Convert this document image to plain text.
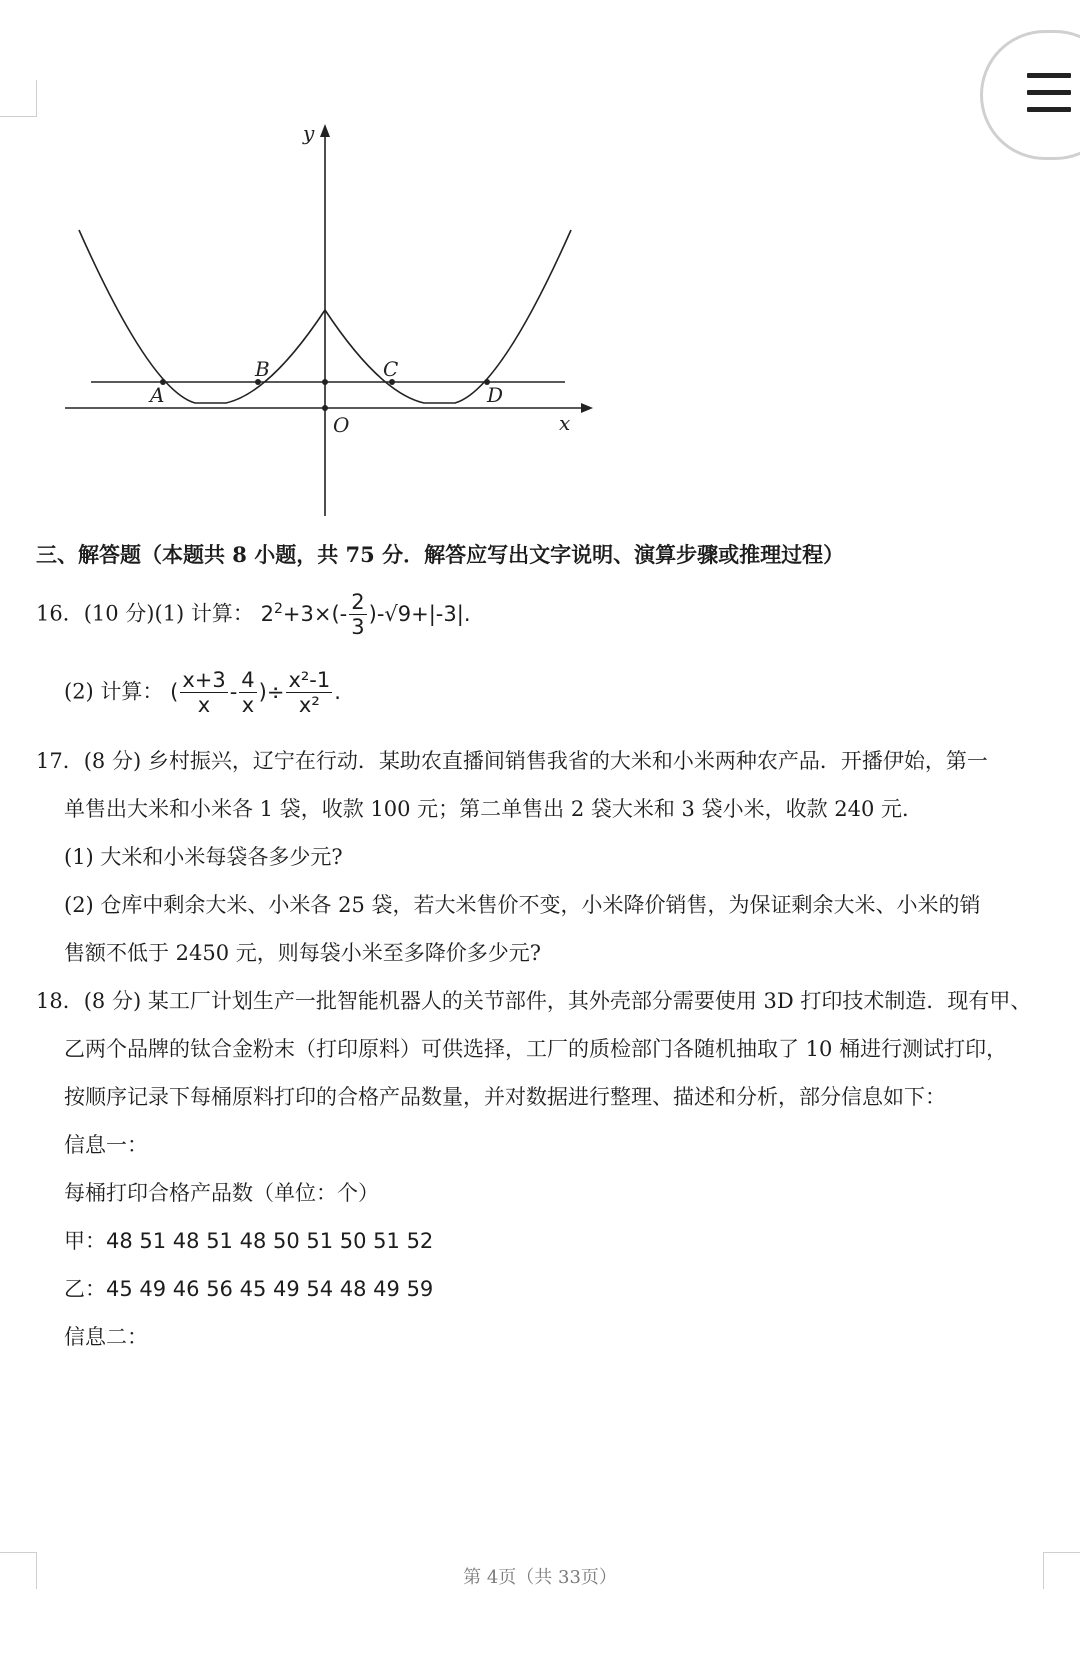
y
x
O
A
B	C
D
三、解答题（本题共 8 小题，共 75 分．解答应写出文字说明、演算步骤或推理过程）
16．(10 分)(1) 计算： $2^2+3\times(- \frac{2}{3} )-√9+|-3|$.
(2) 计算： ( $\frac{x+3}{x} - \frac{4}{x}$ )÷ $\frac{\text{x²-1}}{\text{x²}}$ .
17．(8 分) 乡村振兴，辽宁在行动．某助农直播间销售我省的大米和小米两种农产品．开播伊始，第一
单售出大米和小米各 1 袋，收款 100 元；第二单售出 2 袋大米和 3 袋小米，收款 240 元．
(1) 大米和小米每袋各多少元?
(2) 仓库中剩余大米、小米各 25 袋，若大米售价不变，小米降价销售，为保证剩余大米、小米的销
售额不低于 2450 元，则每袋小米至多降价多少元?
18．(8 分) 某工厂计划生产一批智能机器人的关节部件，其外壳部分需要使用 3D 打印技术制造．现有甲、
乙两个品牌的钛合金粉末（打印原料）可供选择，工厂的质检部门各随机抽取了 10 桶进行测试打印，
按顺序记录下每桶原料打印的合格产品数量，并对数据进行整理、描述和分析，部分信息如下：
信息一：
每桶打印合格产品数（单位：个）
甲：48 51 48 51 48 50 51 50 51 52
乙：45 49 46 56 45 49 54 48 49 59
信息二：
第 4页（共 33页）
